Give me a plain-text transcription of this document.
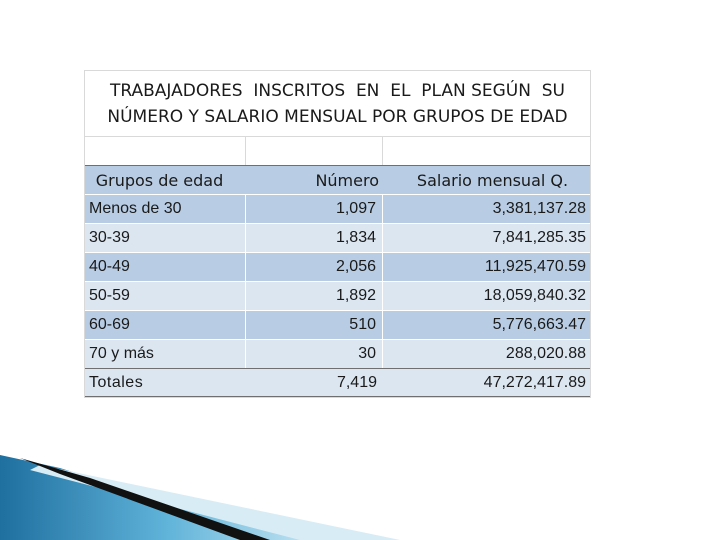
TRABAJADORES  INSCRITOS  EN  EL  PLAN SEGÚN  SU
NÚMERO Y SALARIO MENSUAL POR GRUPOS DE EDAD
Grupos de edad	Número	Salario mensual Q.
Menos de 30	1,097	3,381,137.28
30-39	1,834	7,841,285.35
40-49	2,056	11,925,470.59
50-59	1,892	18,059,840.32
60-69	510	5,776,663.47
70 y más	30	288,020.88
Totales	7,419	47,272,417.89
